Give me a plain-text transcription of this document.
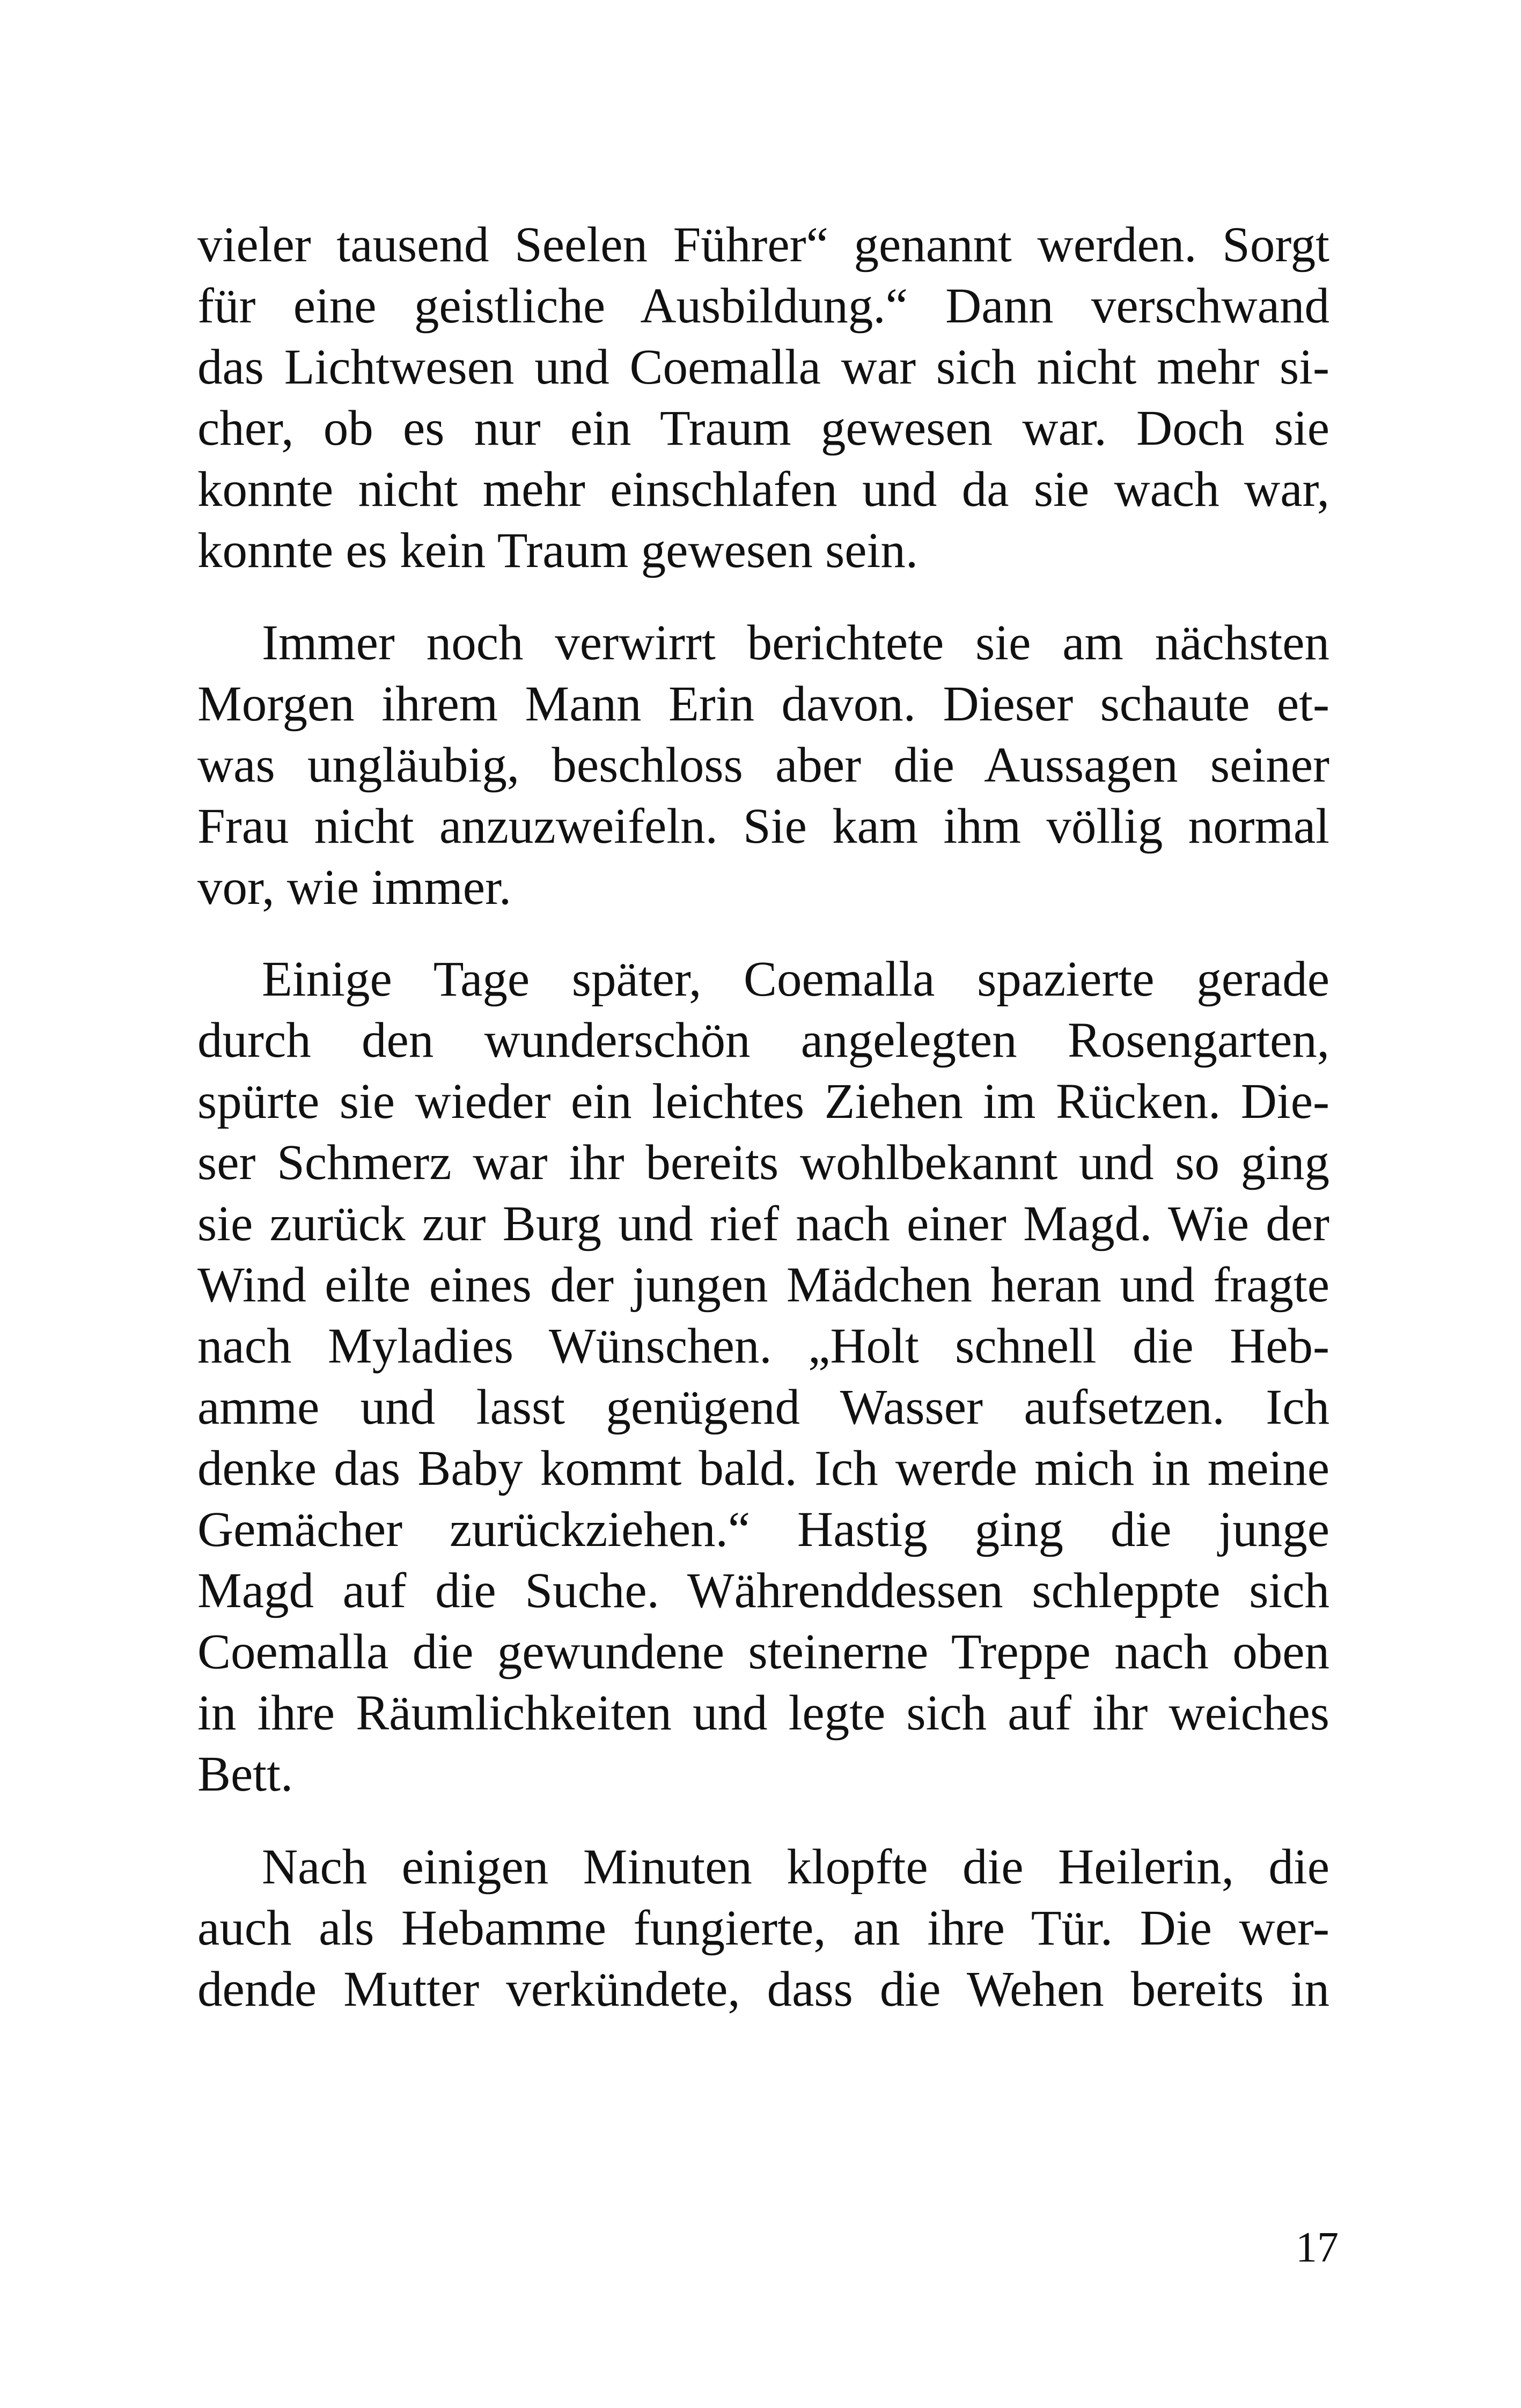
vieler tausend Seelen Führer“ genannt werden. Sorgt
für eine geistliche Ausbildung.“ Dann verschwand
das Lichtwesen und Coemalla war sich nicht mehr si-
cher, ob es nur ein Traum gewesen war. Doch sie
konnte nicht mehr einschlafen und da sie wach war,
konnte es kein Traum gewesen sein.
Immer noch verwirrt berichtete sie am nächsten
Morgen ihrem Mann Erin davon. Dieser schaute et-
was ungläubig, beschloss aber die Aussagen seiner
Frau nicht anzuzweifeln. Sie kam ihm völlig normal
vor, wie immer.
Einige Tage später, Coemalla spazierte gerade
durch den wunderschön angelegten Rosengarten,
spürte sie wieder ein leichtes Ziehen im Rücken. Die-
ser Schmerz war ihr bereits wohlbekannt und so ging
sie zurück zur Burg und rief nach einer Magd. Wie der
Wind eilte eines der jungen Mädchen heran und fragte
nach Myladies Wünschen. „Holt schnell die Heb-
amme und lasst genügend Wasser aufsetzen. Ich
denke das Baby kommt bald. Ich werde mich in meine
Gemächer zurückziehen.“ Hastig ging die junge
Magd auf die Suche. Währenddessen schleppte sich
Coemalla die gewundene steinerne Treppe nach oben
in ihre Räumlichkeiten und legte sich auf ihr weiches
Bett.
Nach einigen Minuten klopfte die Heilerin, die
auch als Hebamme fungierte, an ihre Tür. Die wer-
dende Mutter verkündete, dass die Wehen bereits in
17
